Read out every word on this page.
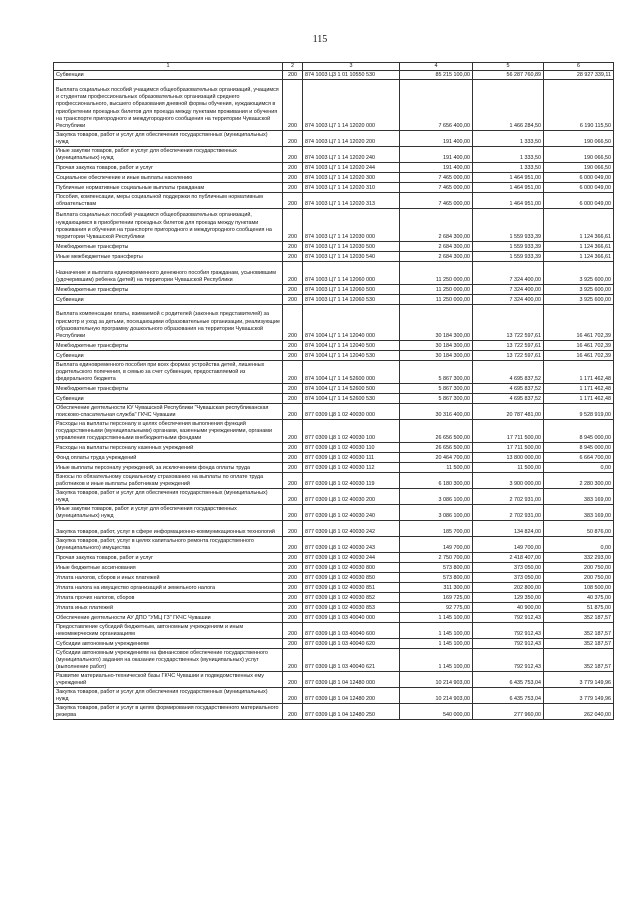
115
1	2	3	4	5	6
Субвенции	200	874 1003 Ц3 1 01 10550 530	85 215 100,00	56 287 760,89	28 927 339,11
Выплата социальных пособий учащимся общеобразовательных организаций, учащимся и студентам профессиональных образовательных организаций среднего профессионального, высшего образования дневной формы обучения, нуждающимся в приобретении проездных билетов для проезда между пунктами проживания и обучения на транспорте пригородного и междугородного сообщения на территории Чувашской Республики	200	874 1003 Ц7 1 14 12020 000	7 656 400,00	1 466 284,50	6 190 115,50
Закупка товаров, работ и услуг для обеспечения государственных (муниципальных) нужд	200	874 1003 Ц7 1 14 12020 200	191 400,00	1 333,50	190 066,50
Иные закупки товаров, работ и услуг для обеспечения государственных (муниципальных) нужд	200	874 1003 Ц7 1 14 12020 240	191 400,00	1 333,50	190 066,50
Прочая закупка товаров, работ и услуг	200	874 1003 Ц7 1 14 12020 244	191 400,00	1 333,50	190 066,50
Социальное обеспечение и иные выплаты населению	200	874 1003 Ц7 1 14 12020 300	7 465 000,00	1 464 951,00	6 000 049,00
Публичные нормативные социальные выплаты гражданам	200	874 1003 Ц7 1 14 12020 310	7 465 000,00	1 464 951,00	6 000 049,00
Пособия, компенсации, меры социальной поддержки по публичным нормативным обязательствам	200	874 1003 Ц7 1 14 12020 313	7 465 000,00	1 464 951,00	6 000 049,00
Выплата социальных пособий учащимся общеобразовательных организаций, нуждающимся в приобретении проездных билетов для проезда между пунктами проживания и обучения на транспорте пригородного и междугородного сообщения на территории Чувашской Республики	200	874 1003 Ц7 1 14 12030 000	2 684 300,00	1 559 933,39	1 124 366,61
Межбюджетные трансферты	200	874 1003 Ц7 1 14 12030 500	2 684 300,00	1 559 933,39	1 124 366,61
Иные межбюджетные трансферты	200	874 1003 Ц7 1 14 12030 540	2 684 300,00	1 559 933,39	1 124 366,61
Назначение и выплата единовременного денежного пособия гражданам, усыновившим (удочерившим) ребенка (детей) на территории Чувашской Республики	200	874 1003 Ц7 1 14 12060 000	11 250 000,00	7 324 400,00	3 925 600,00
Межбюджетные трансферты	200	874 1003 Ц7 1 14 12060 500	11 250 000,00	7 324 400,00	3 925 600,00
Субвенции	200	874 1003 Ц7 1 14 12060 530	11 250 000,00	7 324 400,00	3 925 600,00
Выплата компенсации платы, взимаемой с родителей (законных представителей) за присмотр и уход за детьми, посещающими образовательные организации, реализующие образовательную программу дошкольного образования на территории Чувашской Республики	200	874 1004 Ц7 1 14 12040 000	30 184 300,00	13 722 597,61	16 461 702,39
Межбюджетные трансферты	200	874 1004 Ц7 1 14 12040 500	30 184 300,00	13 722 597,61	16 461 702,39
Субвенции	200	874 1004 Ц7 1 14 12040 530	30 184 300,00	13 722 597,61	16 461 702,39
Выплата единовременного пособия при всех формах устройства детей, лишенных родительского попечения, в семью за счет субвенции, предоставляемой из федерального бюджета	200	874 1004 Ц7 1 14 52600 000	5 867 300,00	4 695 837,52	1 171 462,48
Межбюджетные трансферты	200	874 1004 Ц7 1 14 52600 500	5 867 300,00	4 695 837,52	1 171 462,48
Субвенции	200	874 1004 Ц7 1 14 52600 530	5 867 300,00	4 695 837,52	1 171 462,48
Обеспечение деятельности КУ Чувашской Республики "Чувашская республиканская поисково-спасательная служба" ГКЧС Чувашии	200	877 0309 Ц8 1 02 40030 000	30 316 400,00	20 787 481,00	9 528 919,00
Расходы на выплаты персоналу в целях обеспечения выполнения функций государственными (муниципальными) органами, казенными учреждениями, органами управления государственными внебюджетными фондами	200	877 0309 Ц8 1 02 40030 100	26 656 500,00	17 711 500,00	8 945 000,00
Расходы на выплаты персоналу казенных учреждений	200	877 0309 Ц8 1 02 40030 110	26 656 500,00	17 711 500,00	8 945 000,00
Фонд оплаты труда учреждений	200	877 0309 Ц8 1 02 40030 111	20 464 700,00	13 800 000,00	6 664 700,00
Иные выплаты персоналу учреждений, за исключением фонда оплаты труда	200	877 0309 Ц8 1 02 40030 112	11 500,00	11 500,00	0,00
Взносы по обязательному социальному страхованию на выплаты по оплате труда работников и иные выплаты работникам учреждений	200	877 0309 Ц8 1 02 40030 119	6 180 300,00	3 900 000,00	2 280 300,00
Закупка товаров, работ и услуг для обеспечения государственных (муниципальных) нужд	200	877 0309 Ц8 1 02 40030 200	3 086 100,00	2 702 931,00	383 169,00
Иные закупки товаров, работ и услуг для обеспечения государственных (муниципальных) нужд	200	877 0309 Ц8 1 02 40030 240	3 086 100,00	2 702 931,00	383 169,00
Закупка товаров, работ, услуг в сфере информационно-коммуникационных технологий	200	877 0309 Ц8 1 02 40030 242	185 700,00	134 824,00	50 876,00
Закупка товаров, работ, услуг в целях капитального ремонта государственного (муниципального) имущества	200	877 0309 Ц8 1 02 40030 243	149 700,00	149 700,00	0,00
Прочая закупка товаров, работ и услуг	200	877 0309 Ц8 1 02 40030 244	2 750 700,00	2 418 407,00	332 293,00
Иные бюджетные ассигнования	200	877 0309 Ц8 1 02 40030 800	573 800,00	373 050,00	200 750,00
Уплата налогов, сборов и иных платежей	200	877 0309 Ц8 1 02 40030 850	573 800,00	373 050,00	200 750,00
Уплата налога на имущество организаций и земельного налога	200	877 0309 Ц8 1 02 40030 851	311 300,00	202 800,00	108 500,00
Уплата прочих налогов, сборов	200	877 0309 Ц8 1 02 40030 852	169 725,00	129 350,00	40 375,00
Уплата иных платежей	200	877 0309 Ц8 1 02 40030 853	92 775,00	40 900,00	51 875,00
Обеспечение деятельности АУ ДПО "УМЦ ГЗ" ГКЧС Чувашии	200	877 0309 Ц8 1 03 40040 000	1 145 100,00	792 912,43	352 187,57
Предоставление субсидий бюджетным, автономным учреждениям и иным некоммерческим организациям	200	877 0309 Ц8 1 03 40040 600	1 145 100,00	792 912,43	352 187,57
Субсидии автономным учреждениям	200	877 0309 Ц8 1 03 40040 620	1 145 100,00	792 912,43	352 187,57
Субсидии автономным учреждениям на финансовое обеспечение государственного (муниципального) задания на оказание государственных (муниципальных) услуг (выполнение работ)	200	877 0309 Ц8 1 03 40040 621	1 145 100,00	792 912,43	352 187,57
Развитие материально-технической базы ГКЧС Чувашии и подведомственных ему учреждений	200	877 0309 Ц8 1 04 12480 000	10 214 903,00	6 435 753,04	3 779 149,96
Закупка товаров, работ и услуг для обеспечения государственных (муниципальных) нужд	200	877 0309 Ц8 1 04 12480 200	10 214 903,00	6 435 753,04	3 779 149,96
Закупка товаров, работ и услуг в целях формирования государственного материального резерва	200	877 0309 Ц8 1 04 12480 250	540 000,00	277 960,00	262 040,00
